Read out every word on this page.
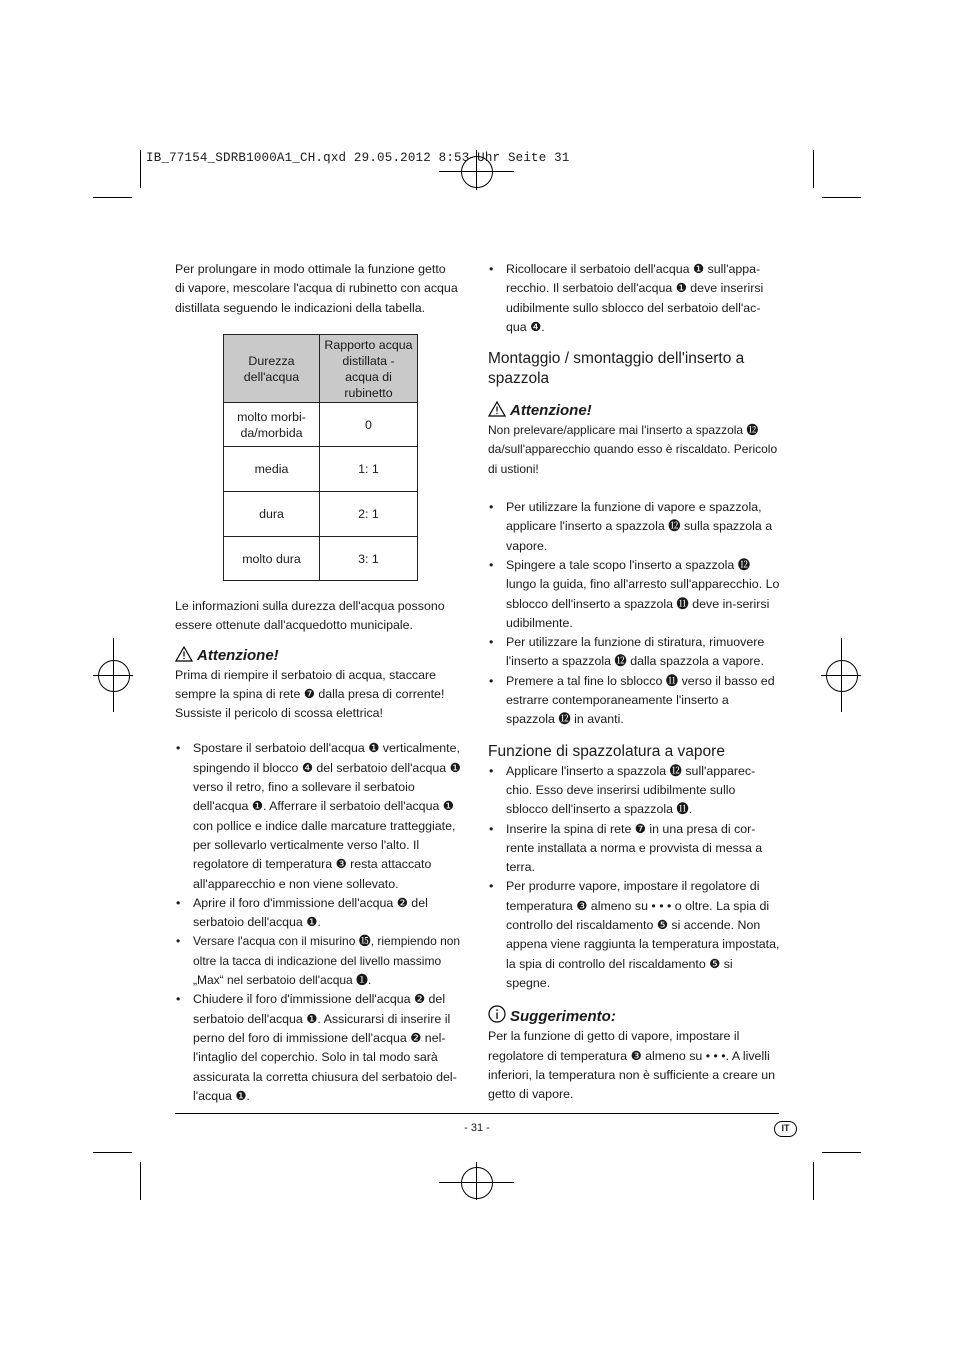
IB_77154_SDRB1000A1_CH.qxd 29.05.2012 8:53 Uhr Seite 31

Per prolungare in modo ottimale la funzione getto di vapore, mescolare l'acqua di rubinetto con acqua distillata seguendo le indicazioni della tabella.

Durezza dell'acqua	Rapporto acqua distillata - acqua di rubinetto
molto morbi-da/morbida	0
media	1: 1
dura	2: 1
molto dura	3: 1

Le informazioni sulla durezza dell'acqua possono essere ottenute dall'acquedotto municipale.

Attenzione!

Prima di riempire il serbatoio di acqua, staccare sempre la spina di rete ❼ dalla presa di corrente! Sussiste il pericolo di scossa elettrica!

• Spostare il serbatoio dell'acqua ❶ verticalmente, spingendo il blocco ❹ del serbatoio dell'acqua ❶ verso il retro, fino a sollevare il serbatoio dell'acqua ❶. Afferrare il serbatoio dell'acqua ❶ con pollice e indice dalle marcature tratteggiate, per sollevarlo verticalmente verso l'alto. Il regolatore di temperatura ❸ resta attaccato all'apparecchio e non viene sollevato.
• Aprire il foro d'immissione dell'acqua ❷ del serbatoio dell'acqua ❶.
• Versare l'acqua con il misurino ⓯, riempiendo non oltre la tacca di indicazione del livello massimo „Max“ nel serbatoio dell'acqua ❶.
• Chiudere il foro d'immissione dell'acqua ❷ del serbatoio dell'acqua ❶. Assicurarsi di inserire il perno del foro di immissione dell'acqua ❷ nel-l'intaglio del coperchio. Solo in tal modo sarà assicurata la corretta chiusura del serbatoio del-l'acqua ❶.
• Ricollocare il serbatoio dell'acqua ❶ sull'appa-recchio. Il serbatoio dell'acqua ❶ deve inserirsi udibilmente sullo sblocco del serbatoio dell'ac-qua ❹.
Montaggio / smontaggio dell'inserto a spazzola
Attenzione!

Non prelevare/applicare mai l'inserto a spazzola ⓬ da/sull'apparecchio quando esso è riscaldato. Pericolo di ustioni!

• Per utilizzare la funzione di vapore e spazzola, applicare l'inserto a spazzola ⓬ sulla spazzola a vapore.
• Spingere a tale scopo l'inserto a spazzola ⓬ lungo la guida, fino all'arresto sull'apparecchio. Lo sblocco dell'inserto a spazzola ⓫ deve in-serirsi udibilmente.
• Per utilizzare la funzione di stiratura, rimuovere l'inserto a spazzola ⓬ dalla spazzola a vapore.
• Premere a tal fine lo sblocco ⓫ verso il basso ed estrarre contemporaneamente l'inserto a spazzola ⓬ in avanti.
Funzione di spazzolatura a vapore
• Applicare l'inserto a spazzola ⓬ sull'apparec-chio. Esso deve inserirsi udibilmente sullo sblocco dell'inserto a spazzola ⓫.
• Inserire la spina di rete ❼ in una presa di cor-rente installata a norma e provvista di messa a terra.
• Per produrre vapore, impostare il regolatore di temperatura ❸ almeno su • • • o oltre. La spia di controllo del riscaldamento ❺ si accende. Non appena viene raggiunta la temperatura impostata, la spia di controllo del riscaldamento ❺ si spegne.
Suggerimento:

Per la funzione di getto di vapore, impostare il regolatore di temperatura ❸ almeno su • • •. A livelli inferiori, la temperatura non è sufficiente a creare un getto di vapore.

- 31 -	IT
